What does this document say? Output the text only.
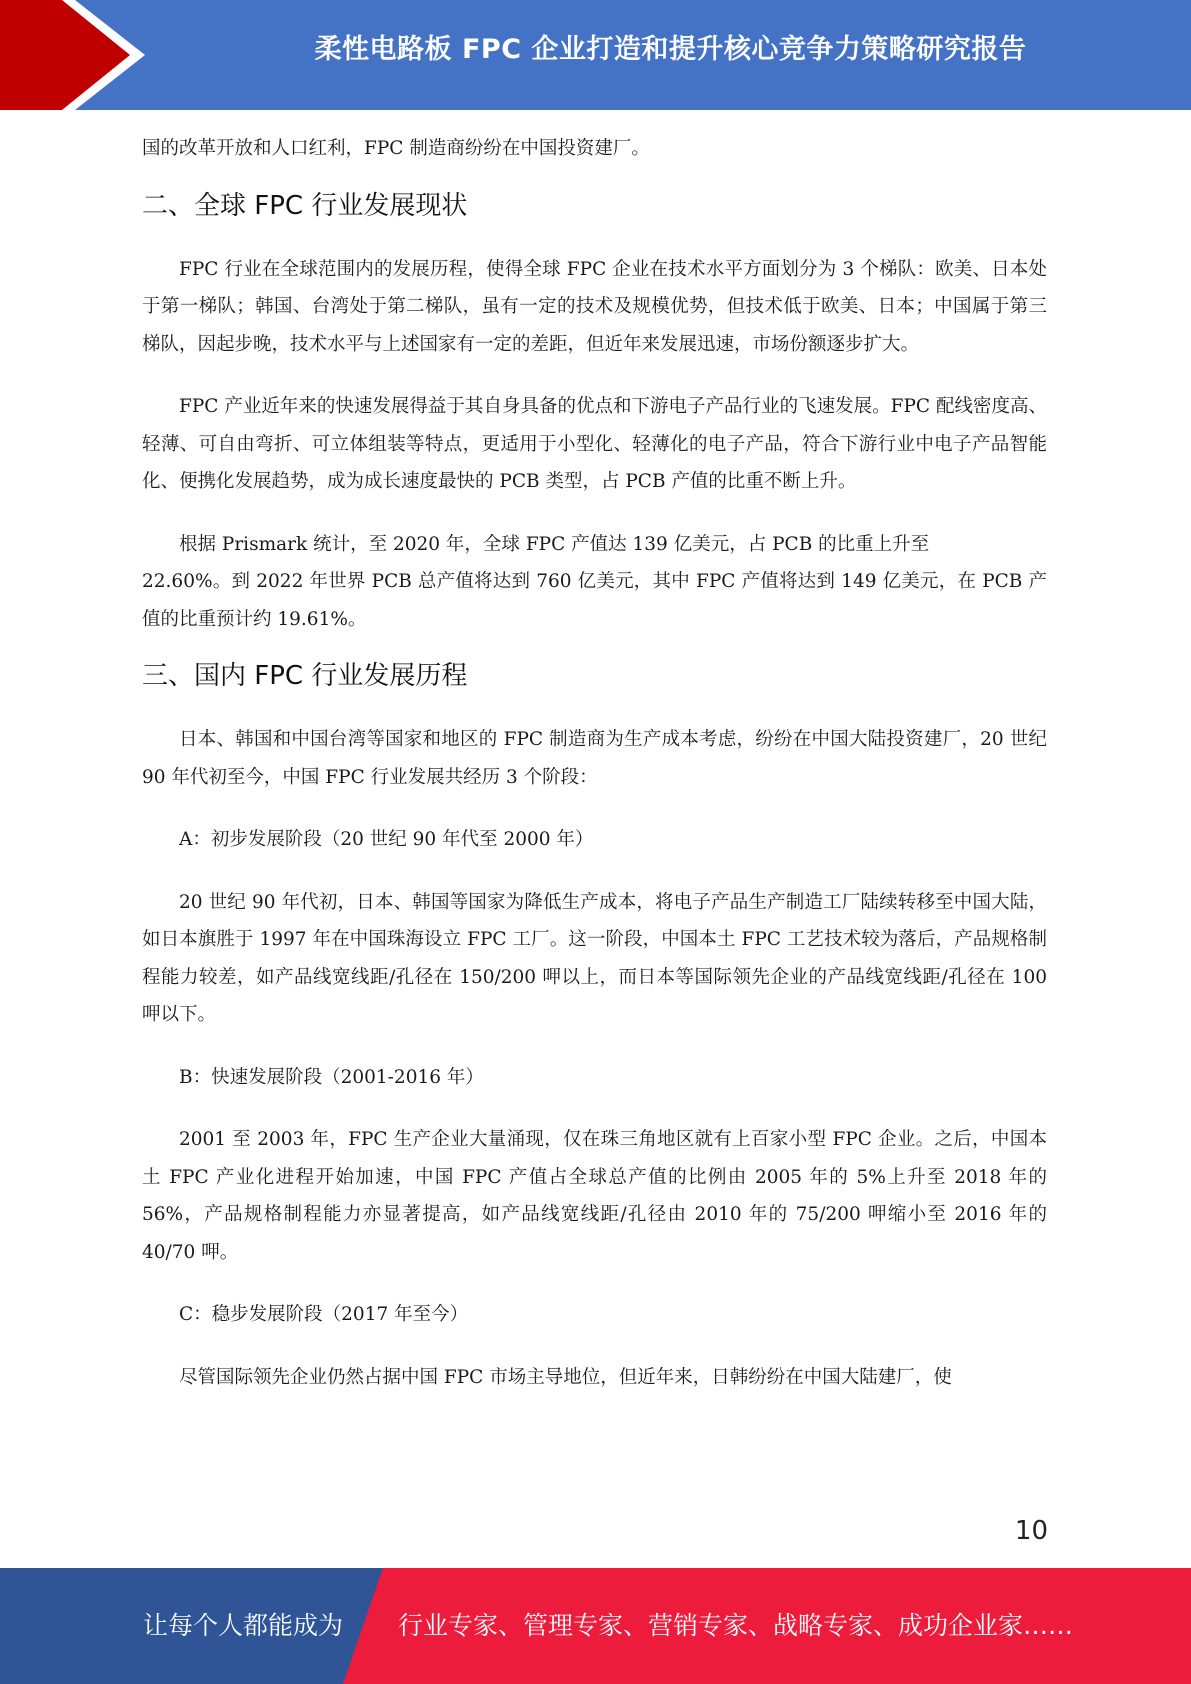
柔性电路板 FPC 企业打造和提升核心竞争力策略研究报告

国的改革开放和人口红利，FPC 制造商纷纷在中国投资建厂。

二、全球 FPC 行业发展现状

FPC 行业在全球范围内的发展历程，使得全球 FPC 企业在技术水平方面划分为 3 个梯队：欧美、日本处于第一梯队；韩国、台湾处于第二梯队，虽有一定的技术及规模优势，但技术低于欧美、日本；中国属于第三梯队，因起步晚，技术水平与上述国家有一定的差距，但近年来发展迅速，市场份额逐步扩大。

FPC 产业近年来的快速发展得益于其自身具备的优点和下游电子产品行业的飞速发展。FPC 配线密度高、轻薄、可自由弯折、可立体组装等特点，更适用于小型化、轻薄化的电子产品，符合下游行业中电子产品智能化、便携化发展趋势，成为成长速度最快的 PCB 类型，占 PCB 产值的比重不断上升。

根据 Prismark 统计，至 2020 年，全球 FPC 产值达 139 亿美元，占 PCB 的比重上升至

22.60%。到 2022 年世界 PCB 总产值将达到 760 亿美元，其中 FPC 产值将达到 149 亿美元，在 PCB 产值的比重预计约 19.61%。

三、国内 FPC 行业发展历程

日本、韩国和中国台湾等国家和地区的 FPC 制造商为生产成本考虑，纷纷在中国大陆投资建厂，20 世纪 90 年代初至今，中国 FPC 行业发展共经历 3 个阶段：

A：初步发展阶段（20 世纪 90 年代至 2000 年）

20 世纪 90 年代初，日本、韩国等国家为降低生产成本，将电子产品生产制造工厂陆续转移至中国大陆，如日本旗胜于 1997 年在中国珠海设立 FPC 工厂。这一阶段，中国本土 FPC 工艺技术较为落后，产品规格制程能力较差，如产品线宽线距/孔径在 150/200 呷以上，而日本等国际领先企业的产品线宽线距/孔径在 100 呷以下。

B：快速发展阶段（2001-2016 年）

2001 至 2003 年，FPC 生产企业大量涌现，仅在珠三角地区就有上百家小型 FPC 企业。之后，中国本土 FPC 产业化进程开始加速，中国 FPC 产值占全球总产值的比例由 2005 年的 5%上升至 2018 年的 56%，产品规格制程能力亦显著提高，如产品线宽线距/孔径由 2010 年的 75/200 呷缩小至 2016 年的 40/70 呷。

C：稳步发展阶段（2017 年至今）

尽管国际领先企业仍然占据中国 FPC 市场主导地位，但近年来，日韩纷纷在中国大陆建厂，使

10
让每个人都能成为 行业专家、管理专家、营销专家、战略专家、成功企业家……
